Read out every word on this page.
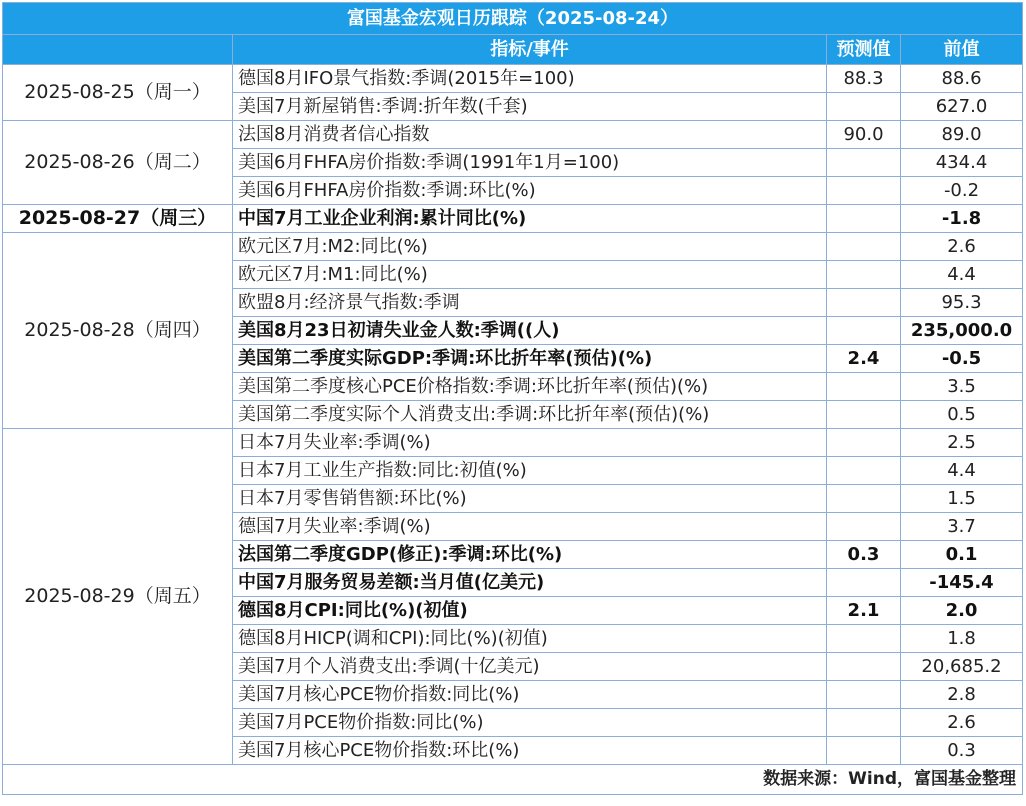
富国基金宏观日历跟踪（2025-08-24）			
	指标/事件	预测值	前值
2025-08-25（周一）	德国8月IFO景气指数:季调(2015年=100)	88.3	88.6
	美国7月新屋销售:季调:折年数(千套)		627.0
2025-08-26（周二）	法国8月消费者信心指数	90.0	89.0
	美国6月FHFA房价指数:季调(1991年1月=100)		434.4
	美国6月FHFA房价指数:季调:环比(%)		-0.2
2025-08-27（周三）	中国7月工业企业利润:累计同比(%)		-1.8
2025-08-28（周四）	欧元区7月:M2:同比(%)		2.6
	欧元区7月:M1:同比(%)		4.4
	欧盟8月:经济景气指数:季调		95.3
	美国8月23日初请失业金人数:季调((人)		235,000.0
	美国第二季度实际GDP:季调:环比折年率(预估)(%)	2.4	-0.5
	美国第二季度核心PCE价格指数:季调:环比折年率(预估)(%)		3.5
	美国第二季度实际个人消费支出:季调:环比折年率(预估)(%)		0.5
2025-08-29（周五）	日本7月失业率:季调(%)		2.5
	日本7月工业生产指数:同比:初值(%)		4.4
	日本7月零售销售额:环比(%)		1.5
	德国7月失业率:季调(%)		3.7
	法国第二季度GDP(修正):季调:环比(%)	0.3	0.1
	中国7月服务贸易差额:当月值(亿美元)		-145.4
	德国8月CPI:同比(%)(初值)	2.1	2.0
	德国8月HICP(调和CPI):同比(%)(初值)		1.8
	美国7月个人消费支出:季调(十亿美元)		20,685.2
	美国7月核心PCE物价指数:同比(%)		2.8
	美国7月PCE物价指数:同比(%)		2.6
	美国7月核心PCE物价指数:环比(%)		0.3
数据来源：Wind，富国基金整理			
